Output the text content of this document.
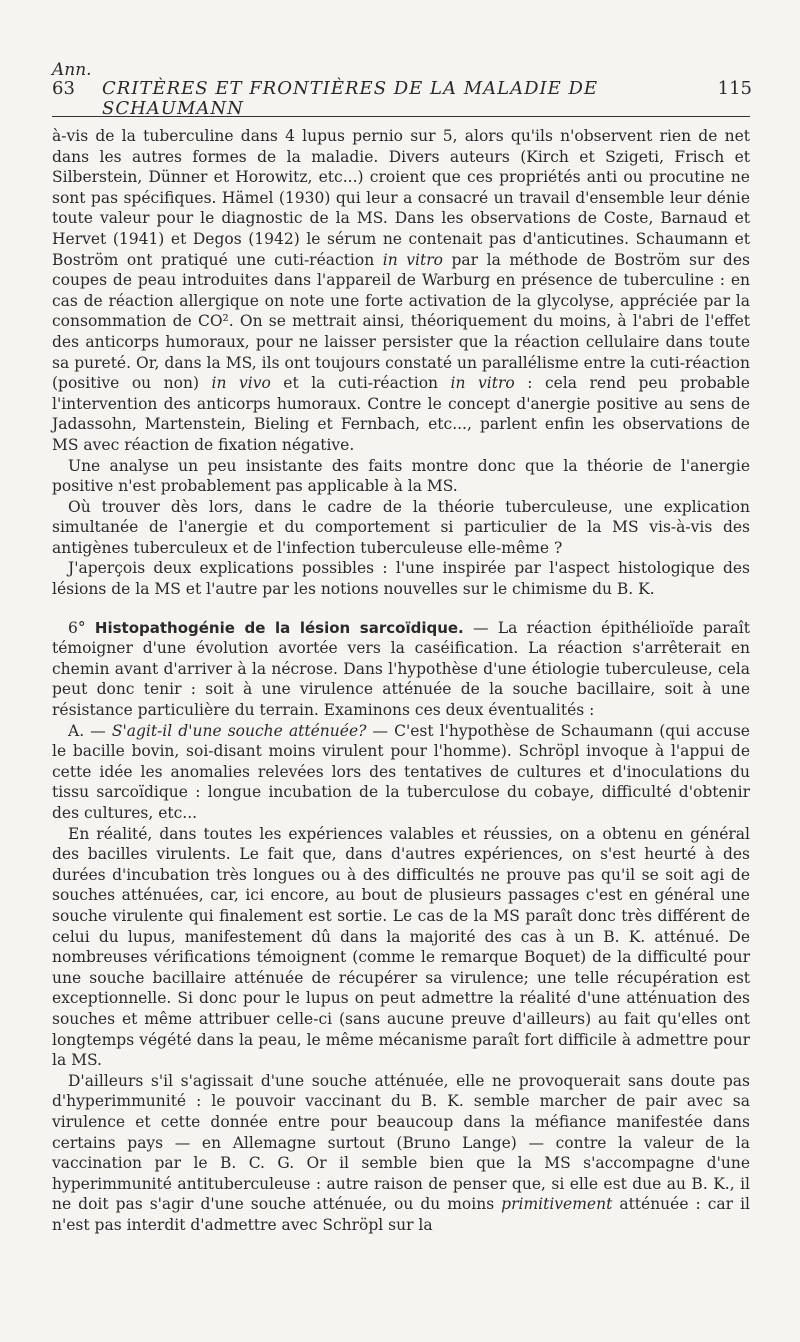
Ann.
63	CRITÈRES ET FRONTIÈRES DE LA MALADIE DE SCHAUMANN
115

à-vis de la tuberculine dans 4 lupus pernio sur 5, alors qu'ils n'observent rien de net dans les autres formes de la maladie. Divers auteurs (Kirch et Szigeti, Frisch et Silberstein, Dünner et Horowitz, etc...) croient que ces propriétés anti ou procutine ne sont pas spécifiques. Hämel (1930) qui leur a consacré un travail d'ensemble leur dénie toute valeur pour le diagnostic de la MS. Dans les observations de Coste, Barnaud et Hervet (1941) et Degos (1942) le sérum ne contenait pas d'anticutines. Schaumann et Boström ont pratiqué une cuti-réaction in vitro par la méthode de Boström sur des coupes de peau introduites dans l'appareil de Warburg en présence de tuberculine : en cas de réaction allergique on note une forte activation de la glycolyse, appréciée par la consommation de CO². On se mettrait ainsi, théoriquement du moins, à l'abri de l'effet des anticorps humoraux, pour ne laisser persister que la réaction cellulaire dans toute sa pureté. Or, dans la MS, ils ont toujours constaté un parallélisme entre la cuti-réaction (positive ou non) in vivo et la cuti-réaction in vitro : cela rend peu probable l'intervention des anticorps humoraux. Contre le concept d'anergie positive au sens de Jadassohn, Martenstein, Bieling et Fernbach, etc..., parlent enfin les observations de MS avec réaction de fixation négative.

Une analyse un peu insistante des faits montre donc que la théorie de l'anergie positive n'est probablement pas applicable à la MS.

Où trouver dès lors, dans le cadre de la théorie tuberculeuse, une explication simultanée de l'anergie et du comportement si particulier de la MS vis-à-vis des antigènes tuberculeux et de l'infection tuberculeuse elle-même ?

J'aperçois deux explications possibles : l'une inspirée par l'aspect histologique des lésions de la MS et l'autre par les notions nouvelles sur le chimisme du B. K.

6° Histopathogénie de la lésion sarcoïdique. — La réaction épithélioïde paraît témoigner d'une évolution avortée vers la caséification. La réaction s'arrêterait en chemin avant d'arriver à la nécrose. Dans l'hypothèse d'une étiologie tuberculeuse, cela peut donc tenir : soit à une virulence atténuée de la souche bacillaire, soit à une résistance particulière du terrain. Examinons ces deux éventualités :

A. — S'agit-il d'une souche atténuée? — C'est l'hypothèse de Schaumann (qui accuse le bacille bovin, soi-disant moins virulent pour l'homme). Schröpl invoque à l'appui de cette idée les anomalies relevées lors des tentatives de cultures et d'inoculations du tissu sarcoïdique : longue incubation de la tuberculose du cobaye, difficulté d'obtenir des cultures, etc...

En réalité, dans toutes les expériences valables et réussies, on a obtenu en général des bacilles virulents. Le fait que, dans d'autres expériences, on s'est heurté à des durées d'incubation très longues ou à des difficultés ne prouve pas qu'il se soit agi de souches atténuées, car, ici encore, au bout de plusieurs passages c'est en général une souche virulente qui finalement est sortie. Le cas de la MS paraît donc très différent de celui du lupus, manifestement dû dans la majorité des cas à un B. K. atténué. De nombreuses vérifications témoignent (comme le remarque Boquet) de la difficulté pour une souche bacillaire atténuée de récupérer sa virulence; une telle récupération est exceptionnelle. Si donc pour le lupus on peut admettre la réalité d'une atténuation des souches et même attribuer celle-ci (sans aucune preuve d'ailleurs) au fait qu'elles ont longtemps végété dans la peau, le même mécanisme paraît fort difficile à admettre pour la MS.

D'ailleurs s'il s'agissait d'une souche atténuée, elle ne provoquerait sans doute pas d'hyperimmunité : le pouvoir vaccinant du B. K. semble marcher de pair avec sa virulence et cette donnée entre pour beaucoup dans la méfiance manifestée dans certains pays — en Allemagne surtout (Bruno Lange) — contre la valeur de la vaccination par le B. C. G. Or il semble bien que la MS s'accompagne d'une hyperimmunité antituberculeuse : autre raison de penser que, si elle est due au B. K., il ne doit pas s'agir d'une souche atténuée, ou du moins primitivement atténuée : car il n'est pas interdit d'admettre avec Schröpl sur la
